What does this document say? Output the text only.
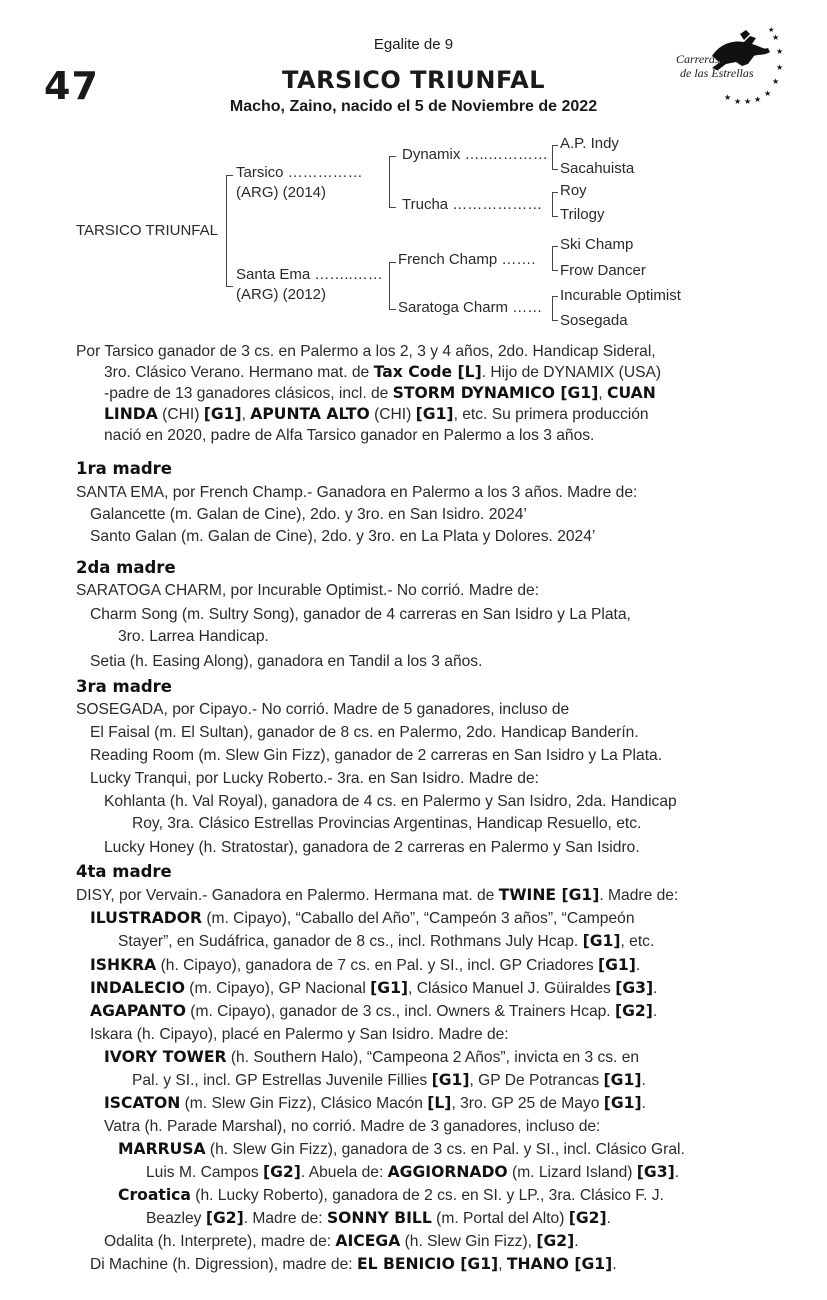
47
Egalite de 9
TARSICO TRIUNFAL
Macho, Zaino, nacido el 5 de Noviembre de 2022
★
★
★
★
★
★
★
★
★
★
Carreras
de las Estrellas
TARSICO TRIUNFAL
Tarsico ……………
(ARG) (2014)
Santa Ema ……..……
(ARG) (2012)
Dynamix …..…………
Trucha ………………
French Champ …….
Saratoga Charm ……
A.P. Indy
Sacahuista
Roy
Trilogy
Ski Champ
Frow Dancer
Incurable Optimist
Sosegada
Por Tarsico ganador de 3 cs. en Palermo a los 2, 3 y 4 años, 2do. Handicap Sideral,
3ro. Clásico Verano. Hermano mat. de Tax Code [L]. Hijo de DYNAMIX (USA)
-padre de 13 ganadores clásicos, incl. de STORM DYNAMICO [G1], CUAN
LINDA (CHI) [G1], APUNTA ALTO (CHI) [G1], etc. Su primera producción
nació en 2020, padre de Alfa Tarsico ganador en Palermo a los 3 años.
1ra madre
SANTA EMA, por French Champ.- Ganadora en Palermo a los 3 años. Madre de:
Galancette (m. Galan de Cine), 2do. y 3ro. en San Isidro. 2024’
Santo Galan (m. Galan de Cine), 2do. y 3ro. en La Plata y Dolores. 2024’
2da madre
SARATOGA CHARM, por Incurable Optimist.- No corrió. Madre de:
Charm Song (m. Sultry Song), ganador de 4 carreras en San Isidro y La Plata,
3ro. Larrea Handicap.
Setia (h. Easing Along), ganadora en Tandil a los 3 años.
3ra madre
SOSEGADA, por Cipayo.- No corrió. Madre de 5 ganadores, incluso de
El Faisal (m. El Sultan), ganador de 8 cs. en Palermo, 2do. Handicap Banderín.
Reading Room (m. Slew Gin Fizz), ganador de 2 carreras en San Isidro y La Plata.
Lucky Tranqui, por Lucky Roberto.- 3ra. en San Isidro. Madre de:
Kohlanta (h. Val Royal), ganadora de 4 cs. en Palermo y San Isidro, 2da. Handicap
Roy, 3ra. Clásico Estrellas Provincias Argentinas, Handicap Resuello, etc.
Lucky Honey (h. Stratostar), ganadora de 2 carreras en Palermo y San Isidro.
4ta madre
DISY, por Vervain.- Ganadora en Palermo. Hermana mat. de TWINE [G1]. Madre de:
ILUSTRADOR (m. Cipayo), “Caballo del Año”, “Campeón 3 años”, “Campeón
Stayer”, en Sudáfrica, ganador de 8 cs., incl. Rothmans July Hcap. [G1], etc.
ISHKRA (h. Cipayo), ganadora de 7 cs. en Pal. y SI., incl. GP Criadores [G1].
INDALECIO (m. Cipayo), GP Nacional [G1], Clásico Manuel J. Güiraldes [G3].
AGAPANTO (m. Cipayo), ganador de 3 cs., incl. Owners & Trainers Hcap. [G2].
Iskara (h. Cipayo), placé en Palermo y San Isidro. Madre de:
IVORY TOWER (h. Southern Halo), “Campeona 2 Años”, invicta en 3 cs. en
Pal. y SI., incl. GP Estrellas Juvenile Fillies [G1], GP De Potrancas [G1].
ISCATON (m. Slew Gin Fizz), Clásico Macón [L], 3ro. GP 25 de Mayo [G1].
Vatra (h. Parade Marshal), no corrió. Madre de 3 ganadores, incluso de:
MARRUSA (h. Slew Gin Fizz), ganadora de 3 cs. en Pal. y SI., incl. Clásico Gral.
Luis M. Campos [G2]. Abuela de: AGGIORNADO (m. Lizard Island) [G3].
Croatica (h. Lucky Roberto), ganadora de 2 cs. en SI. y LP., 3ra. Clásico F. J.
Beazley [G2]. Madre de: SONNY BILL (m. Portal del Alto) [G2].
Odalita (h. Interprete), madre de: AICEGA (h. Slew Gin Fizz), [G2].
Di Machine (h. Digression), madre de: EL BENICIO [G1], THANO [G1].
